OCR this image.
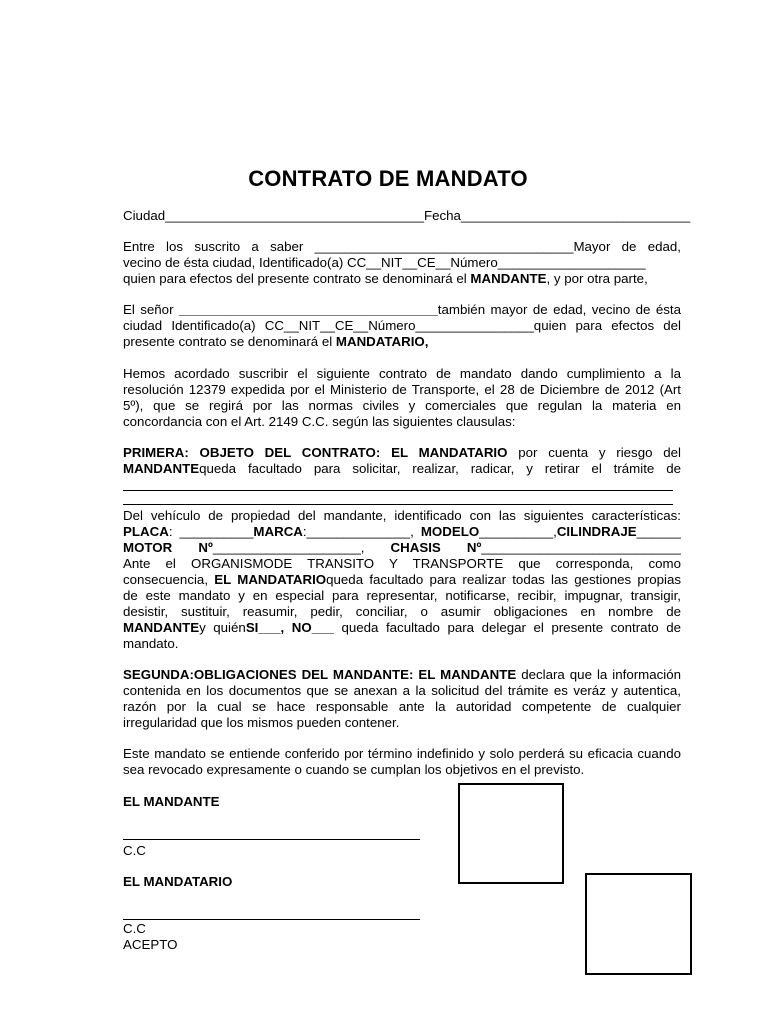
CONTRATO DE MANDATO
Ciudad___________________________________Fecha_______________________________
Entre los suscrito a saber ___________________________________Mayor de edad,
vecino de ésta ciudad, Identificado(a) CC__NIT__CE__Número____________________
quien para efectos del presente contrato se denominará el MANDANTE, y por otra parte,
El señor ___________________________________también mayor de edad, vecino de ésta
ciudad Identificado(a) CC__NIT__CE__Número________________quien para efectos del
presente contrato se denominará el MANDATARIO,
Hemos acordado suscribir el siguiente contrato de mandato dando cumplimiento a la
resolución 12379 expedida por el Ministerio de Transporte, el 28 de Diciembre de 2012 (Art
5º), que se regirá por las normas civiles y comerciales que regulan la materia en
concordancia con el Art. 2149 C.C. según las siguientes clausulas:
PRIMERA: OBJETO DEL CONTRATO: EL MANDATARIO por cuenta y riesgo del
MANDANTEqueda facultado para solicitar, realizar, radicar, y retirar el trámite de
Del vehículo de propiedad del mandante, identificado con las siguientes características:
PLACA: __________MARCA:______________, MODELO__________,CILINDRAJE______
MOTOR Nº____________________, CHASIS Nº___________________________
Ante el ORGANISMODE TRANSITO Y TRANSPORTE que corresponda, como
consecuencia, EL MANDATARIOqueda facultado para realizar todas las gestiones propias
de este mandato y en especial para representar, notificarse, recibir, impugnar, transigir,
desistir, sustituir, reasumir, pedir, conciliar, o asumir obligaciones en nombre de
MANDANTEy quiénSI___, NO___ queda facultado para delegar el presente contrato de
mandato.
SEGUNDA:OBLIGACIONES DEL MANDANTE: EL MANDANTE declara que la información
contenida en los documentos que se anexan a la solicitud del trámite es veráz y autentica,
razón por la cual se hace responsable ante la autoridad competente de cualquier
irregularidad que los mismos pueden contener.
Este mandato se entiende conferido por término indefinido y solo perderá su eficacia cuando
sea revocado expresamente o cuando se cumplan los objetivos en el previsto.
EL MANDANTE
C.C
EL MANDATARIO
C.C
ACEPTO
